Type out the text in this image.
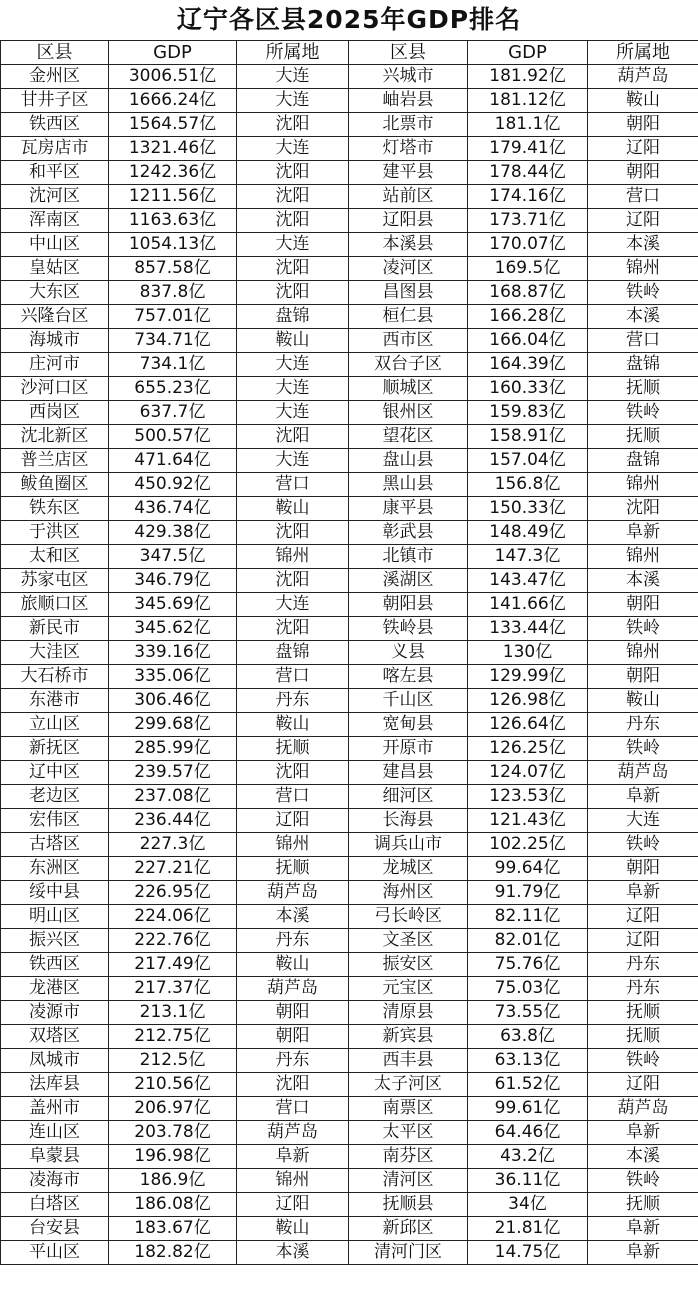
辽宁各区县2025年GDP排名
区县	GDP	所属地	区县	GDP	所属地
金州区	3006.51亿	大连	兴城市	181.92亿	葫芦岛
甘井子区	1666.24亿	大连	岫岩县	181.12亿	鞍山
铁西区	1564.57亿	沈阳	北票市	181.1亿	朝阳
瓦房店市	1321.46亿	大连	灯塔市	179.41亿	辽阳
和平区	1242.36亿	沈阳	建平县	178.44亿	朝阳
沈河区	1211.56亿	沈阳	站前区	174.16亿	营口
浑南区	1163.63亿	沈阳	辽阳县	173.71亿	辽阳
中山区	1054.13亿	大连	本溪县	170.07亿	本溪
皇姑区	857.58亿	沈阳	凌河区	169.5亿	锦州
大东区	837.8亿	沈阳	昌图县	168.87亿	铁岭
兴隆台区	757.01亿	盘锦	桓仁县	166.28亿	本溪
海城市	734.71亿	鞍山	西市区	166.04亿	营口
庄河市	734.1亿	大连	双台子区	164.39亿	盘锦
沙河口区	655.23亿	大连	顺城区	160.33亿	抚顺
西岗区	637.7亿	大连	银州区	159.83亿	铁岭
沈北新区	500.57亿	沈阳	望花区	158.91亿	抚顺
普兰店区	471.64亿	大连	盘山县	157.04亿	盘锦
鲅鱼圈区	450.92亿	营口	黑山县	156.8亿	锦州
铁东区	436.74亿	鞍山	康平县	150.33亿	沈阳
于洪区	429.38亿	沈阳	彰武县	148.49亿	阜新
太和区	347.5亿	锦州	北镇市	147.3亿	锦州
苏家屯区	346.79亿	沈阳	溪湖区	143.47亿	本溪
旅顺口区	345.69亿	大连	朝阳县	141.66亿	朝阳
新民市	345.62亿	沈阳	铁岭县	133.44亿	铁岭
大洼区	339.16亿	盘锦	义县	130亿	锦州
大石桥市	335.06亿	营口	喀左县	129.99亿	朝阳
东港市	306.46亿	丹东	千山区	126.98亿	鞍山
立山区	299.68亿	鞍山	宽甸县	126.64亿	丹东
新抚区	285.99亿	抚顺	开原市	126.25亿	铁岭
辽中区	239.57亿	沈阳	建昌县	124.07亿	葫芦岛
老边区	237.08亿	营口	细河区	123.53亿	阜新
宏伟区	236.44亿	辽阳	长海县	121.43亿	大连
古塔区	227.3亿	锦州	调兵山市	102.25亿	铁岭
东洲区	227.21亿	抚顺	龙城区	99.64亿	朝阳
绥中县	226.95亿	葫芦岛	海州区	91.79亿	阜新
明山区	224.06亿	本溪	弓长岭区	82.11亿	辽阳
振兴区	222.76亿	丹东	文圣区	82.01亿	辽阳
铁西区	217.49亿	鞍山	振安区	75.76亿	丹东
龙港区	217.37亿	葫芦岛	元宝区	75.03亿	丹东
凌源市	213.1亿	朝阳	清原县	73.55亿	抚顺
双塔区	212.75亿	朝阳	新宾县	63.8亿	抚顺
凤城市	212.5亿	丹东	西丰县	63.13亿	铁岭
法库县	210.56亿	沈阳	太子河区	61.52亿	辽阳
盖州市	206.97亿	营口	南票区	99.61亿	葫芦岛
连山区	203.78亿	葫芦岛	太平区	64.46亿	阜新
阜蒙县	196.98亿	阜新	南芬区	43.2亿	本溪
凌海市	186.9亿	锦州	清河区	36.11亿	铁岭
白塔区	186.08亿	辽阳	抚顺县	34亿	抚顺
台安县	183.67亿	鞍山	新邱区	21.81亿	阜新
平山区	182.82亿	本溪	清河门区	14.75亿	阜新
